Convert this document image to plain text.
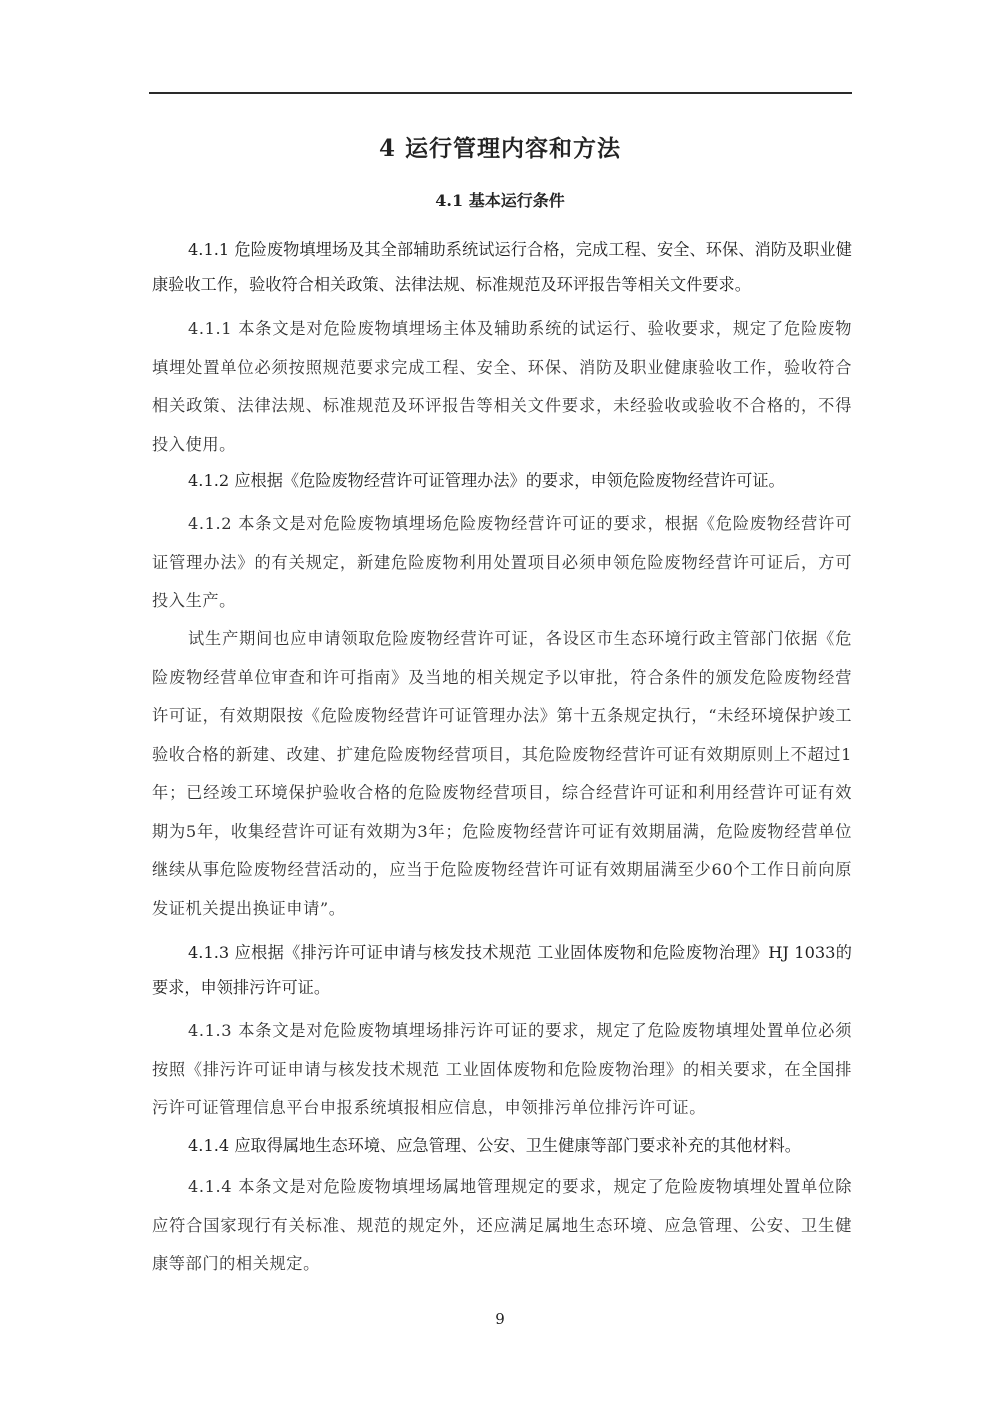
4 运行管理内容和方法
4.1 基本运行条件

4.1.1 危险废物填埋场及其全部辅助系统试运行合格，完成工程、安全、环保、消防及职业健康验收工作，验收符合相关政策、法律法规、标准规范及环评报告等相关文件要求。

4.1.1 本条文是对危险废物填埋场主体及辅助系统的试运行、验收要求，规定了危险废物填埋处置单位必须按照规范要求完成工程、安全、环保、消防及职业健康验收工作，验收符合相关政策、法律法规、标准规范及环评报告等相关文件要求，未经验收或验收不合格的，不得投入使用。

4.1.2 应根据《危险废物经营许可证管理办法》的要求，申领危险废物经营许可证。

4.1.2 本条文是对危险废物填埋场危险废物经营许可证的要求，根据《危险废物经营许可证管理办法》的有关规定，新建危险废物利用处置项目必须申领危险废物经营许可证后，方可投入生产。

试生产期间也应申请领取危险废物经营许可证，各设区市生态环境行政主管部门依据《危险废物经营单位审查和许可指南》及当地的相关规定予以审批，符合条件的颁发危险废物经营许可证，有效期限按《危险废物经营许可证管理办法》第十五条规定执行，“未经环境保护竣工验收合格的新建、改建、扩建危险废物经营项目，其危险废物经营许可证有效期原则上不超过1年；已经竣工环境保护验收合格的危险废物经营项目，综合经营许可证和利用经营许可证有效期为5年，收集经营许可证有效期为3年；危险废物经营许可证有效期届满，危险废物经营单位继续从事危险废物经营活动的，应当于危险废物经营许可证有效期届满至少60个工作日前向原发证机关提出换证申请”。

4.1.3 应根据《排污许可证申请与核发技术规范 工业固体废物和危险废物治理》HJ 1033的要求，申领排污许可证。

4.1.3 本条文是对危险废物填埋场排污许可证的要求，规定了危险废物填埋处置单位必须按照《排污许可证申请与核发技术规范 工业固体废物和危险废物治理》的相关要求，在全国排污许可证管理信息平台申报系统填报相应信息，申领排污单位排污许可证。

4.1.4 应取得属地生态环境、应急管理、公安、卫生健康等部门要求补充的其他材料。

4.1.4 本条文是对危险废物填埋场属地管理规定的要求，规定了危险废物填埋处置单位除应符合国家现行有关标准、规范的规定外，还应满足属地生态环境、应急管理、公安、卫生健康等部门的相关规定。

9
